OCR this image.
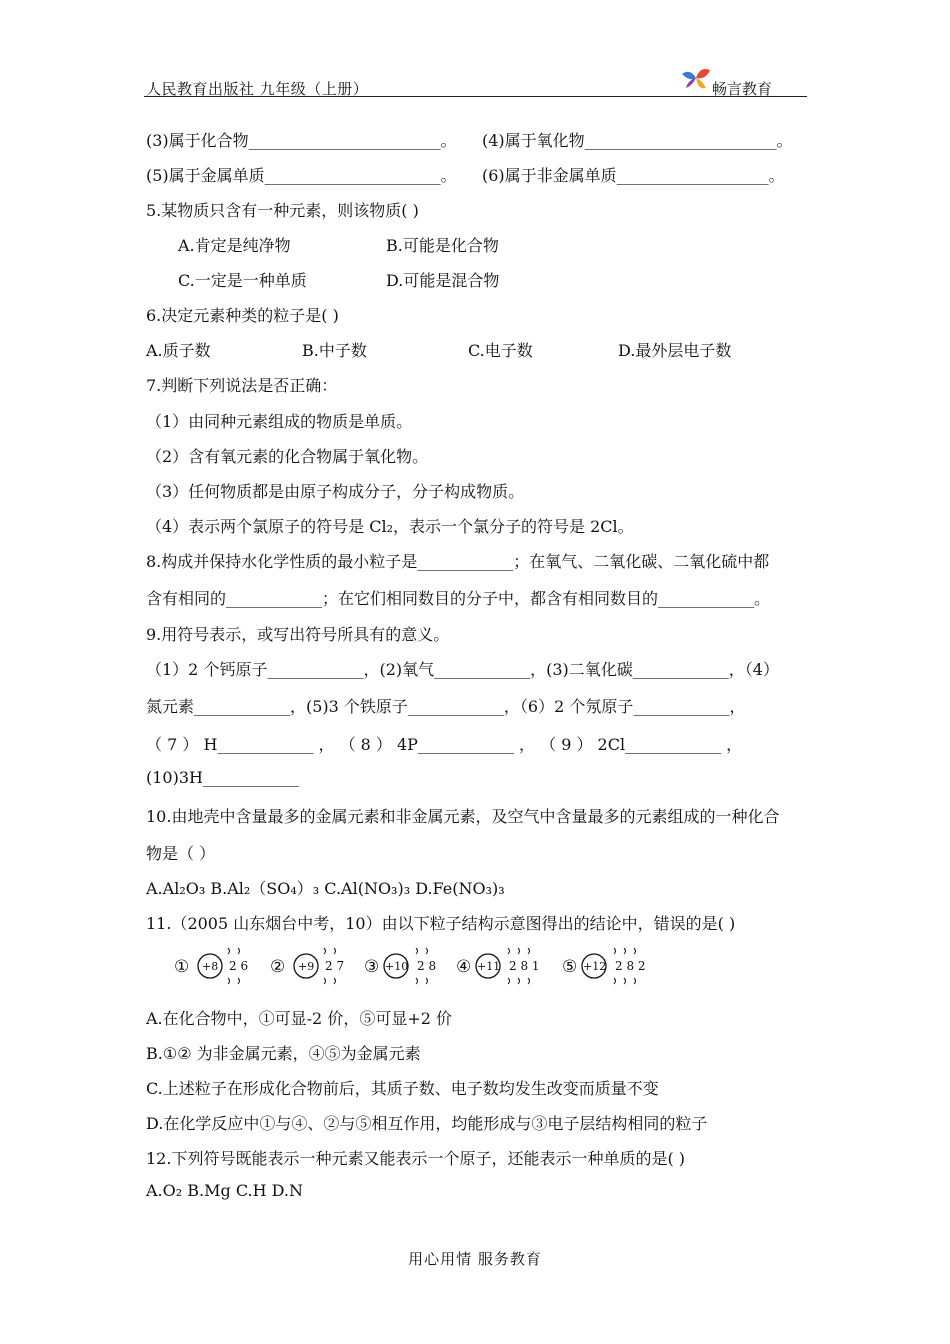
人民教育出版社 九年级（上册）	畅言教育
(3)属于化合物________________________。 (4)属于氧化物________________________。
(5)属于金属单质______________________。 (6)属于非金属单质___________________。
5.某物质只含有一种元素，则该物质( )
A.肯定是纯净物	B.可能是化合物
C.一定是一种单质	D.可能是混合物
6.决定元素种类的粒子是( )
A.质子数	B.中子数	C.电子数	D.最外层电子数
7.判断下列说法是否正确：
（1）由同种元素组成的物质是单质。
（2）含有氧元素的化合物属于氧化物。
（3）任何物质都是由原子构成分子，分子构成物质。
（4）表示两个氯原子的符号是 Cl₂，表示一个氯分子的符号是 2Cl。
8.构成并保持水化学性质的最小粒子是____________；在氧气、二氧化碳、二氧化硫中都
含有相同的____________；在它们相同数目的分子中，都含有相同数目的____________。
9.用符号表示，或写出符号所具有的意义。
（1）2 个钙原子____________，(2)氧气____________，(3)二氧化碳____________，（4）
氮元素____________，(5)3 个铁原子____________，（6）2 个氖原子____________，
（ 7 ） H____________ ， （ 8 ） 4P____________ ， （ 9 ） 2Cl____________ ，
(10)3H____________
10.由地壳中含量最多的金属元素和非金属元素，及空气中含量最多的元素组成的一种化合
物是（ ）
A.Al₂O₃ B.Al₂（SO₄）₃ C.Al(NO₃)₃ D.Fe(NO₃)₃
11.（2005 山东烟台中考，10）由以下粒子结构示意图得出的结论中，错误的是( )
① +8 2 6 ② +9 2 7 ③ +10 2 8 ④ +11 2 8 1 ⑤ +12 2 8 2
A.在化合物中，①可显-2 价，⑤可显+2 价
B.①② 为非金属元素，④⑤为金属元素
C.上述粒子在形成化合物前后，其质子数、电子数均发生改变而质量不变
D.在化学反应中①与④、②与⑤相互作用，均能形成与③电子层结构相同的粒子
12.下列符号既能表示一种元素又能表示一个原子，还能表示一种单质的是( )
A.O₂ B.Mg C.H D.N
用心用情 服务教育
